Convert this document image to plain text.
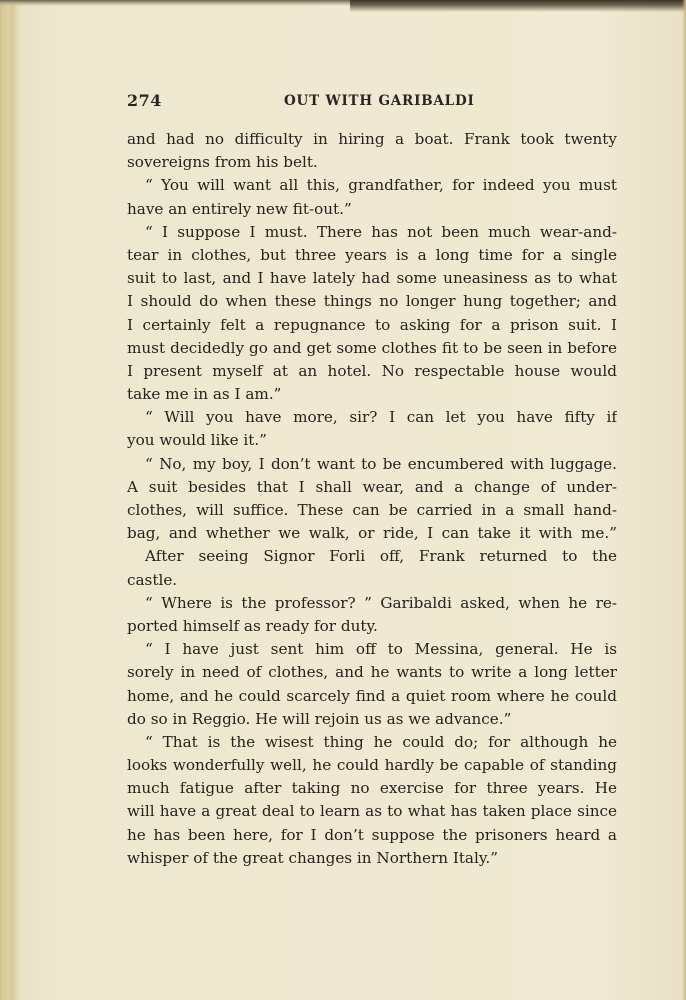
274	OUT WITH GARIBALDI
and had no difficulty in hiring a boat. Frank took twenty
sovereigns from his belt.
“ You will want all this, grandfather, for indeed you must
have an entirely new fit-out.”
“ I suppose I must. There has not been much wear-and-
tear in clothes, but three years is a long time for a single
suit to last, and I have lately had some uneasiness as to what
I should do when these things no longer hung together; and
I certainly felt a repugnance to asking for a prison suit. I
must decidedly go and get some clothes fit to be seen in before
I present myself at an hotel. No respectable house would
take me in as I am.”
“ Will you have more, sir? I can let you have fifty if
you would like it.”
“ No, my boy, I don’t want to be encumbered with luggage.
A suit besides that I shall wear, and a change of under-
clothes, will suffice. These can be carried in a small hand-
bag, and whether we walk, or ride, I can take it with me.”
After seeing Signor Forli off, Frank returned to the
castle.
“ Where is the professor? ” Garibaldi asked, when he re-
ported himself as ready for duty.
“ I have just sent him off to Messina, general. He is
sorely in need of clothes, and he wants to write a long letter
home, and he could scarcely find a quiet room where he could
do so in Reggio. He will rejoin us as we advance.”
“ That is the wisest thing he could do; for although he
looks wonderfully well, he could hardly be capable of standing
much fatigue after taking no exercise for three years. He
will have a great deal to learn as to what has taken place since
he has been here, for I don’t suppose the prisoners heard a
whisper of the great changes in Northern Italy.”
